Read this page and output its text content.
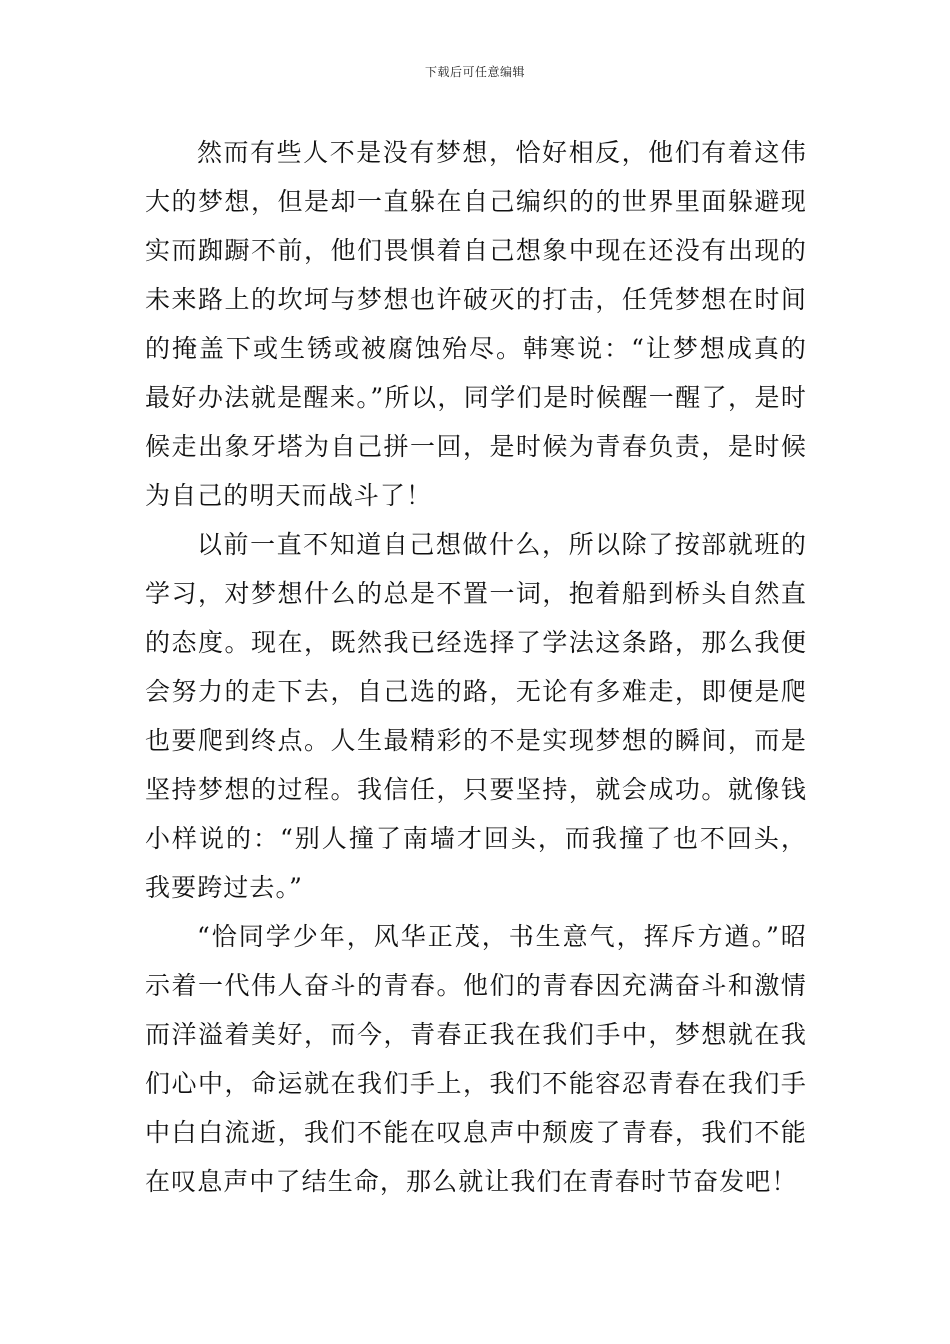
下载后可任意编辑

然而有些人不是没有梦想，恰好相反，他们有着这伟大的梦想，但是却一直躲在自己编织的的世界里面躲避现实而踟蹰不前，他们畏惧着自己想象中现在还没有出现的未来路上的坎坷与梦想也许破灭的打击，任凭梦想在时间的掩盖下或生锈或被腐蚀殆尽。韩寒说：“让梦想成真的最好办法就是醒来。”所以，同学们是时候醒一醒了，是时候走出象牙塔为自己拼一回，是时候为青春负责，是时候为自己的明天而战斗了！

以前一直不知道自己想做什么，所以除了按部就班的学习，对梦想什么的总是不置一词，抱着船到桥头自然直的态度。现在，既然我已经选择了学法这条路，那么我便会努力的走下去，自己选的路，无论有多难走，即便是爬也要爬到终点。人生最精彩的不是实现梦想的瞬间，而是坚持梦想的过程。我信任，只要坚持，就会成功。就像钱小样说的：“别人撞了南墙才回头，而我撞了也不回头，我要跨过去。”

“恰同学少年，风华正茂，书生意气，挥斥方遒。”昭示着一代伟人奋斗的青春。他们的青春因充满奋斗和激情而洋溢着美好，而今，青春正我在我们手中，梦想就在我们心中，命运就在我们手上，我们不能容忍青春在我们手中白白流逝，我们不能在叹息声中颓废了青春，我们不能在叹息声中了结生命，那么就让我们在青春时节奋发吧！
